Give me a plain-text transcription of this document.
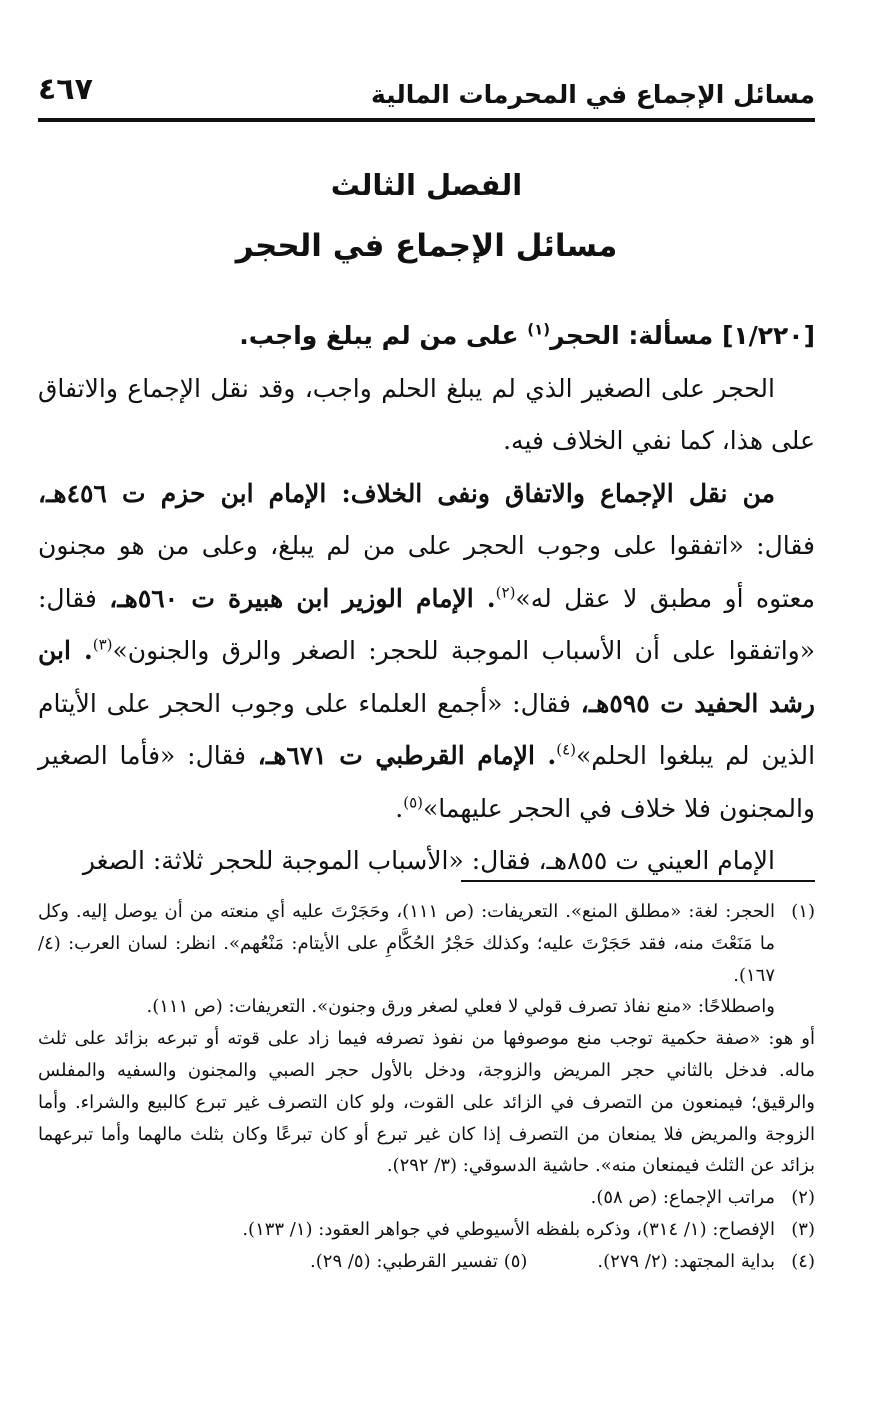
مسائل الإجماع في المحرمات المالية
٤٦٧
الفصل الثالث
مسائل الإجماع في الحجر

[١/٢٢٠] مسألة: الحجر$^{(١)}$ على من لم يبلغ واجب.

الحجر على الصغير الذي لم يبلغ الحلم واجب، وقد نقل الإجماع والاتفاق على هذا، كما نفي الخلاف فيه.

من نقل الإجماع والاتفاق ونفى الخلاف: الإمام ابن حزم ت ٤٥٦هـ، فقال: «اتفقوا على وجوب الحجر على من لم يبلغ، وعلى من هو مجنون معتوه أو مطبق لا عقل له»$^{(٢)}$. الإمام الوزير ابن هبيرة ت ٥٦٠هـ، فقال: «واتفقوا على أن الأسباب الموجبة للحجر: الصغر والرق والجنون»$^{(٣)}$. ابن رشد الحفيد ت ٥٩٥هـ، فقال: «أجمع العلماء على وجوب الحجر على الأيتام الذين لم يبلغوا الحلم»$^{(٤)}$. الإمام القرطبي ت ٦٧١هـ، فقال: «فأما الصغير والمجنون فلا خلاف في الحجر عليهما»$^{(٥)}$.

الإمام العيني ت ٨٥٥هـ، فقال: «الأسباب الموجبة للحجر ثلاثة: الصغر

(١)
الحجر: لغة: «مطلق المنع». التعريفات: (ص ١١١)، وحَجَرْتَ عليه أي منعته من أن يوصل إليه. وكل ما مَنَعْتَ منه، فقد حَجَرْتَ عليه؛ وكذلك حَجْرُ الحُكَّامِ على الأيتام: مَنْعُهم». انظر: لسان العرب: (٤/ ١٦٧).

واصطلاحًا: «منع نفاذ تصرف قولي لا فعلي لصغر ورق وجنون». التعريفات: (ص ١١١).

أو هو: «صفة حكمية توجب منع موصوفها من نفوذ تصرفه فيما زاد على قوته أو تبرعه بزائد على ثلث ماله. فدخل بالثاني حجر المريض والزوجة، ودخل بالأول حجر الصبي والمجنون والسفيه والمفلس والرقيق؛ فيمنعون من التصرف في الزائد على القوت، ولو كان التصرف غير تبرع كالبيع والشراء. وأما الزوجة والمريض فلا يمنعان من التصرف إذا كان غير تبرع أو كان تبرعًا وكان بثلث مالهما وأما تبرعهما بزائد عن الثلث فيمنعان منه». حاشية الدسوقي: (٣/ ٢٩٢).

(٢)
مراتب الإجماع: (ص ٥٨).

(٣)
الإفصاح: (١/ ٣١٤)، وذكره بلفظه الأسيوطي في جواهر العقود: (١/ ١٣٣).

(٤)
بداية المجتهد: (٢/ ٢٧٩).
(٥) تفسير القرطبي: (٥/ ٢٩).
